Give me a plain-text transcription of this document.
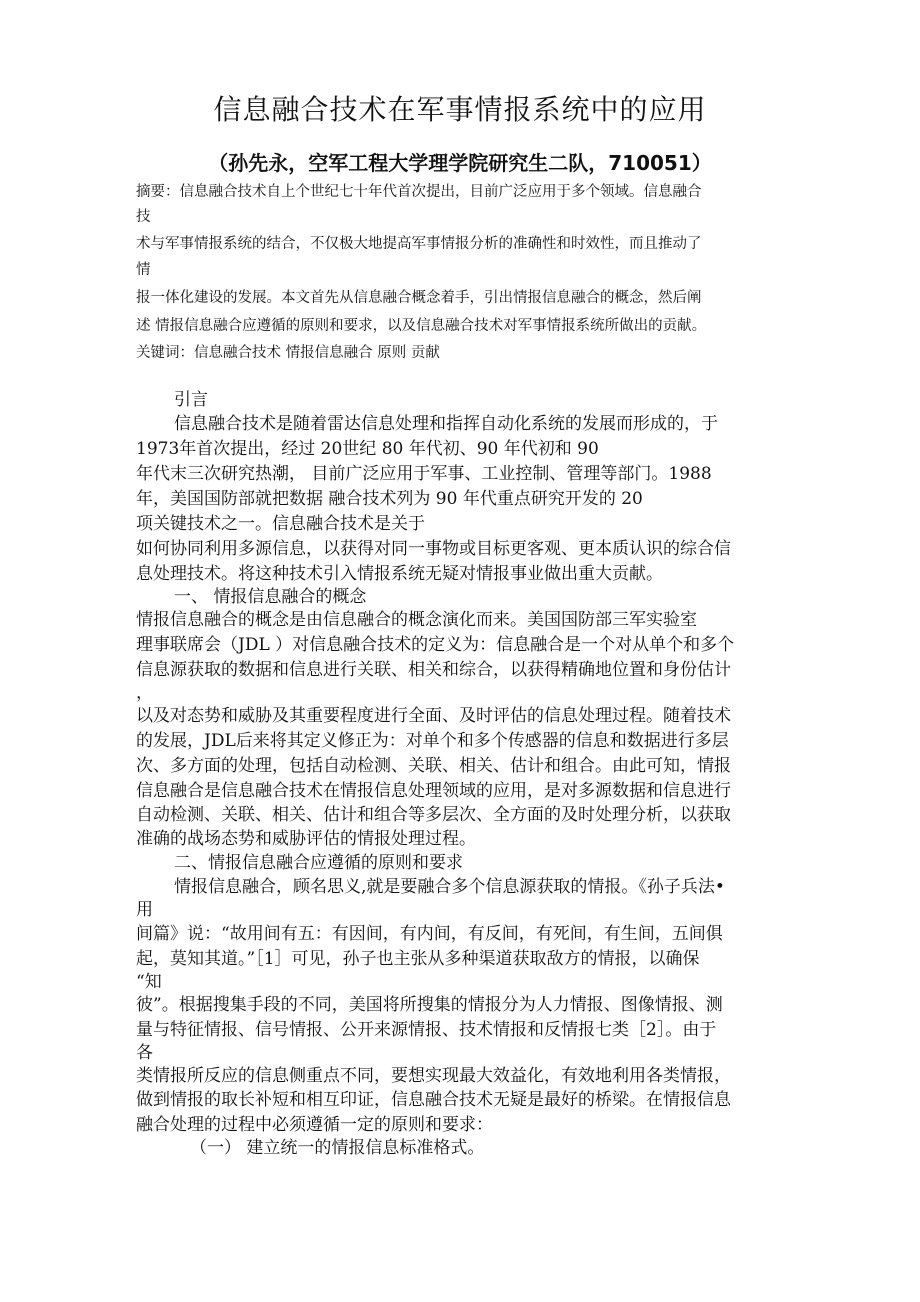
信息融合技术在军事情报系统中的应用

（孙先永，空军工程大学理学院研究生二队，710051）

摘要：信息融合技术自上个世纪七十年代首次提出，目前广泛应用于多个领域。信息融合

技

术与军事情报系统的结合，不仅极大地提高军事情报分析的准确性和时效性，而且推动了

情

报一体化建设的发展。本文首先从信息融合概念着手，引出情报信息融合的概念，然后阐

述 情报信息融合应遵循的原则和要求，以及信息融合技术对军事情报系统所做出的贡献。

关键词：信息融合技术 情报信息融合 原则 贡献

引言

信息融合技术是随着雷达信息处理和指挥自动化系统的发展而形成的，于

1973年首次提出，经过 20世纪 80 年代初、90 年代初和 90

年代末三次研究热潮， 目前广泛应用于军事、工业控制、管理等部门。1988

年，美国国防部就把数据 融合技术列为 90 年代重点研究开发的 20

项关键技术之一。信息融合技术是关于

如何协同利用多源信息，以获得对同一事物或目标更客观、更本质认识的综合信

息处理技术。将这种技术引入情报系统无疑对情报事业做出重大贡献。

一、 情报信息融合的概念

情报信息融合的概念是由信息融合的概念演化而来。美国国防部三军实验室

理事联席会（JDL ）对信息融合技术的定义为：信息融合是一个对从单个和多个

信息源获取的数据和信息进行关联、相关和综合，以获得精确地位置和身份估计

，

以及对态势和威胁及其重要程度进行全面、及时评估的信息处理过程。随着技术

的发展，JDL后来将其定义修正为：对单个和多个传感器的信息和数据进行多层

次、多方面的处理，包括自动检测、关联、相关、估计和组合。由此可知，情报

信息融合是信息融合技术在情报信息处理领域的应用，是对多源数据和信息进行

自动检测、关联、相关、估计和组合等多层次、全方面的及时处理分析，以获取

准确的战场态势和威胁评估的情报处理过程。

二、情报信息融合应遵循的原则和要求

情报信息融合，顾名思义,就是要融合多个信息源获取的情报。《孙子兵法•

用

间篇》说：“故用间有五：有因间，有内间，有反间，有死间，有生间，五间俱

起，莫知其道。”［1］可见，孙子也主张从多种渠道获取敌方的情报，以确保

“知

彼”。根据搜集手段的不同，美国将所搜集的情报分为人力情报、图像情报、测

量与特征情报、信号情报、公开来源情报、技术情报和反情报七类［2］。由于

各

类情报所反应的信息侧重点不同，要想实现最大效益化，有效地利用各类情报，

做到情报的取长补短和相互印证，信息融合技术无疑是最好的桥梁。在情报信息

融合处理的过程中必须遵循一定的原则和要求：

（一） 建立统一的情报信息标准格式。
